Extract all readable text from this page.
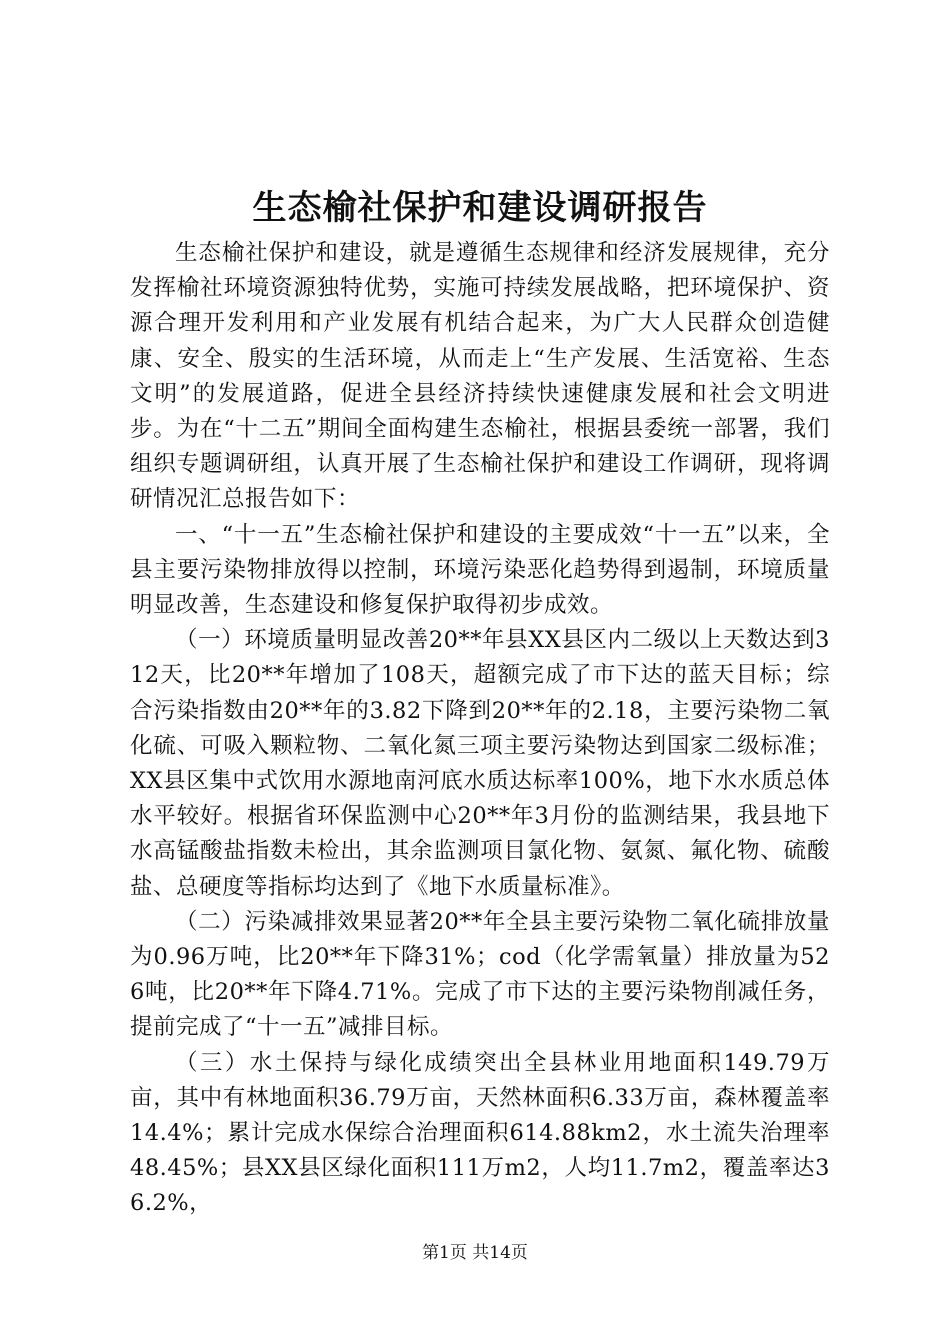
生态榆社保护和建设调研报告

生态榆社保护和建设，就是遵循生态规律和经济发展规律，充分发挥榆社环境资源独特优势，实施可持续发展战略，把环境保护、资源合理开发利用和产业发展有机结合起来，为广大人民群众创造健康、安全、殷实的生活环境，从而走上“生产发展、生活宽裕、生态文明”的发展道路，促进全县经济持续快速健康发展和社会文明进步。为在“十二五”期间全面构建生态榆社，根据县委统一部署，我们组织专题调研组，认真开展了生态榆社保护和建设工作调研，现将调研情况汇总报告如下：

一、“十一五”生态榆社保护和建设的主要成效“十一五”以来，全县主要污染物排放得以控制，环境污染恶化趋势得到遏制，环境质量明显改善，生态建设和修复保护取得初步成效。

（一）环境质量明显改善20**年县XX县区内二级以上天数达到312天，比20**年增加了108天，超额完成了市下达的蓝天目标；综合污染指数由20**年的3.82下降到20**年的2.18，主要污染物二氧化硫、可吸入颗粒物、二氧化氮三项主要污染物达到国家二级标准；XX县区集中式饮用水源地南河底水质达标率100%，地下水水质总体水平较好。根据省环保监测中心20**年3月份的监测结果，我县地下水高锰酸盐指数未检出，其余监测项目氯化物、氨氮、氟化物、硫酸盐、总硬度等指标均达到了《地下水质量标准》。

（二）污染减排效果显著20**年全县主要污染物二氧化硫排放量为0.96万吨，比20**年下降31%；cod（化学需氧量）排放量为526吨，比20**年下降4.71%。完成了市下达的主要污染物削减任务，提前完成了“十一五”减排目标。

（三）水土保持与绿化成绩突出全县林业用地面积149.79万亩，其中有林地面积36.79万亩，天然林面积6.33万亩，森林覆盖率14.4%；累计完成水保综合治理面积614.88km2，水土流失治理率48.45%；县XX县区绿化面积111万m2，人均11.7m2，覆盖率达36.2%，

第1页 共14页
